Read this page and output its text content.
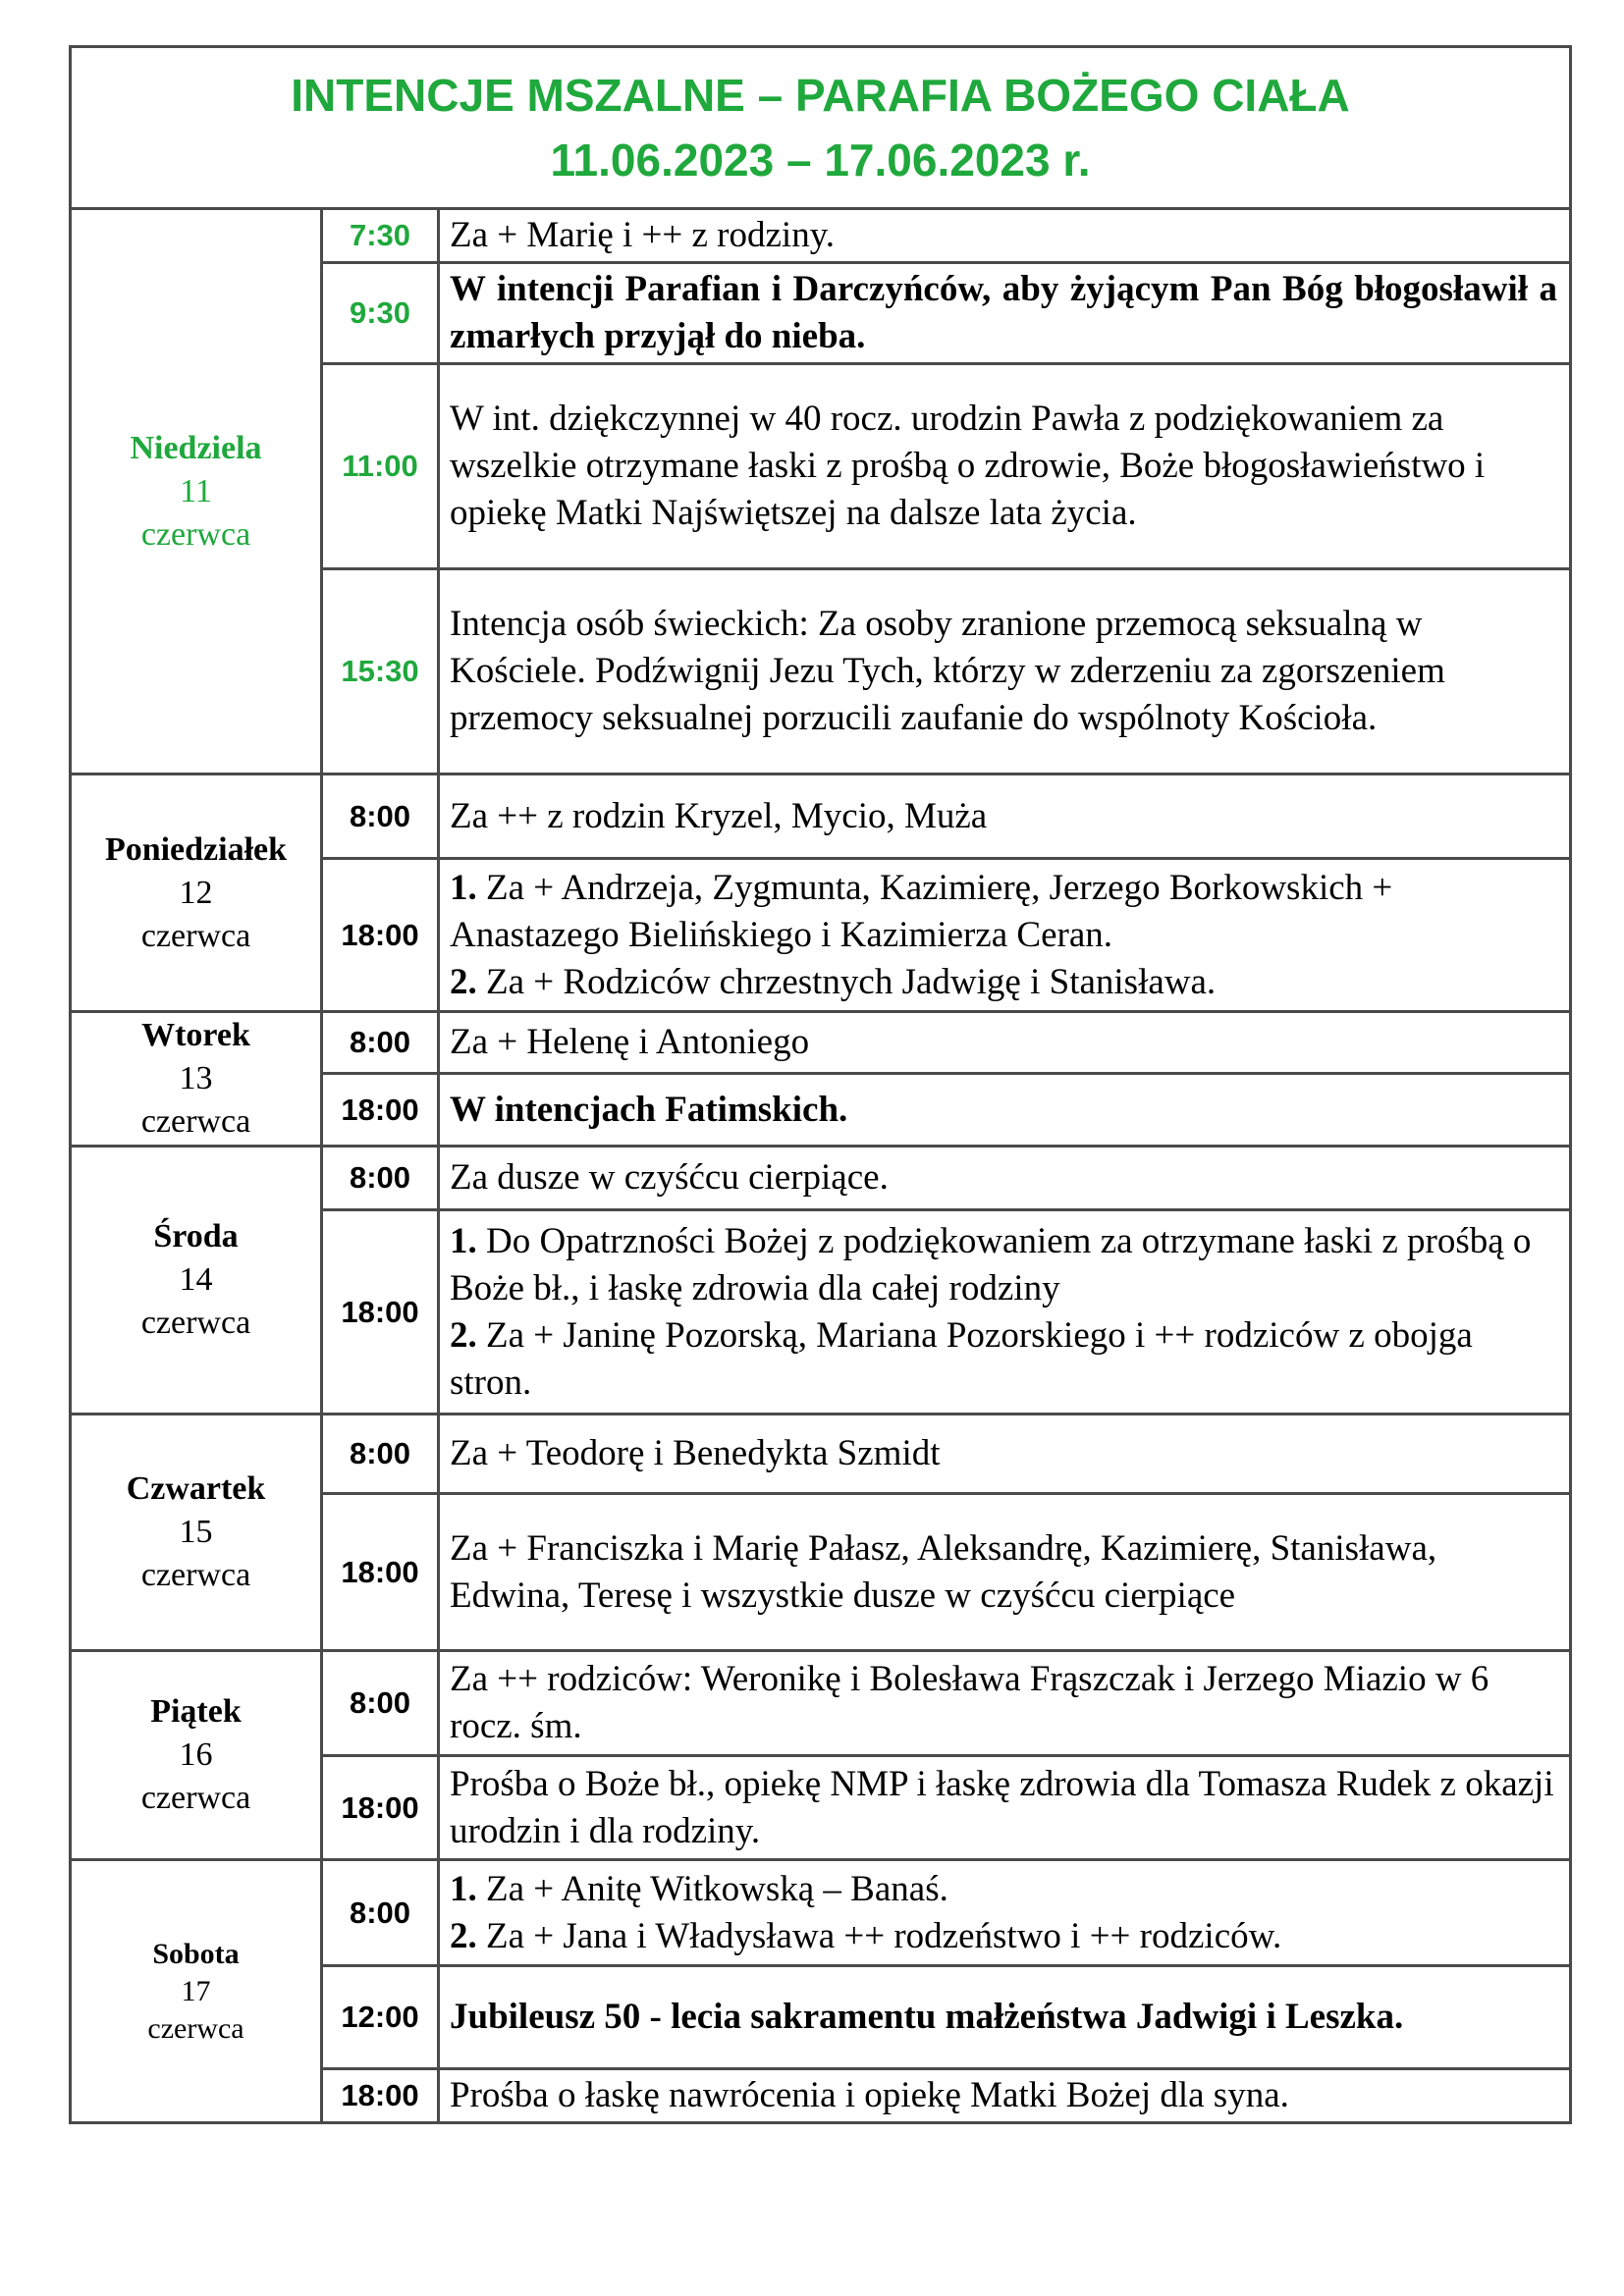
INTENCJE MSZALNE – PARAFIA BOŻEGO CIAŁA
11.06.2023 – 17.06.2023 r.		

Niedziela
11
czerwca	7:30	Za + Marię i ++ z rodziny.
	9:30	W intencji Parafian i Darczyńców, aby żyjącym Pan Bóg błogosławił a zmarłych przyjął do nieba.
	11:00	W int. dziękczynnej w 40 rocz. urodzin Pawła z podziękowaniem za wszelkie otrzymane łaski z prośbą o zdrowie, Boże błogosławieństwo i opiekę Matki Najświętszej na dalsze lata życia.
	15:30	Intencja osób świeckich: Za osoby zranione przemocą seksualną w Kościele. Podźwignij Jezu Tych, którzy w zderzeniu za zgorszeniem przemocy seksualnej porzucili zaufanie do wspólnoty Kościoła.

Poniedziałek
12
czerwca	8:00	Za ++ z rodzin Kryzel, Mycio, Muża
	18:00	1. Za + Andrzeja, Zygmunta, Kazimierę, Jerzego Borkowskich + Anastazego Bielińskiego i Kazimierza Ceran.
2. Za + Rodziców chrzestnych Jadwigę i Stanisława.

Wtorek
13
czerwca	8:00	Za + Helenę i Antoniego
	18:00	W intencjach Fatimskich.

Środa
14
czerwca	8:00	Za dusze w czyśćcu cierpiące.
	18:00	1. Do Opatrzności Bożej z podziękowaniem za otrzymane łaski z prośbą o Boże bł., i łaskę zdrowia dla całej rodziny
2. Za + Janinę Pozorską, Mariana Pozorskiego i ++ rodziców z obojga stron.

Czwartek
15
czerwca	8:00	Za + Teodorę i Benedykta Szmidt
	18:00	Za + Franciszka i Marię Pałasz, Aleksandrę, Kazimierę, Stanisława, Edwina, Teresę i wszystkie dusze w czyśćcu cierpiące

Piątek
16
czerwca	8:00	Za ++ rodziców: Weronikę i Bolesława Frąszczak i Jerzego Miazio w 6 rocz. śm.
	18:00	Prośba o Boże bł., opiekę NMP i łaskę zdrowia dla Tomasza Rudek z okazji urodzin i dla rodziny.

Sobota
17
czerwca	8:00	1. Za + Anitę Witkowską – Banaś.
2. Za + Jana i Władysława ++ rodzeństwo i ++ rodziców.

	12:00	Jubileusz 50 - lecia sakramentu małżeństwa Jadwigi i Leszka.
	18:00	Prośba o łaskę nawrócenia i opiekę Matki Bożej dla syna.
